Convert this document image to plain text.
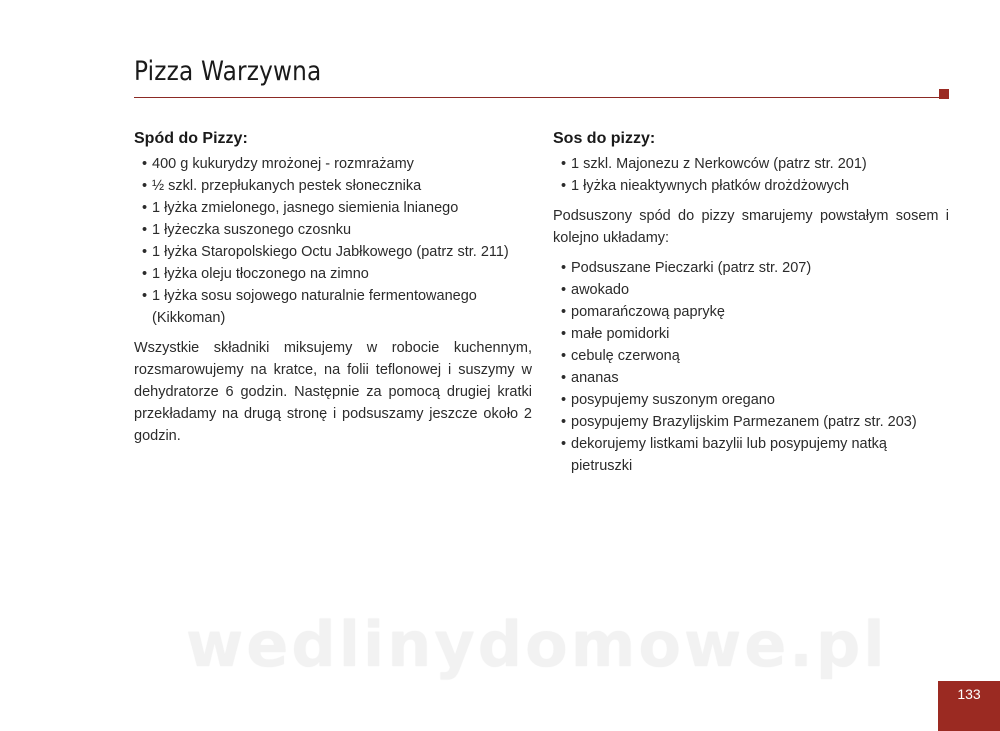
Pizza Warzywna
Spód do Pizzy:
• 400 g kukurydzy mrożonej - rozmrażamy
• ½ szkl. przepłukanych pestek słonecznika
• 1 łyżka zmielonego, jasnego siemienia lnianego
• 1 łyżeczka suszonego czosnku
• 1 łyżka Staropolskiego Octu Jabłkowego (patrz str. 211)
• 1 łyżka oleju tłoczonego na zimno
• 1 łyżka sosu sojowego naturalnie fermentowanego (Kikkoman)

Wszystkie składniki miksujemy w robocie kuchennym, rozsmarowujemy na kratce, na folii teflonowej i suszymy w dehydratorze 6 godzin. Następnie za pomocą drugiej kratki przekładamy na drugą stronę i podsuszamy jeszcze około 2 godzin.

Sos do pizzy:
• 1 szkl. Majonezu z Nerkowców (patrz str. 201)
• 1 łyżka nieaktywnych płatków drożdżowych

Podsuszony spód do pizzy smarujemy powstałym sosem i kolejno układamy:

• Podsuszane Pieczarki (patrz str. 207)
• awokado
• pomarańczową paprykę
• małe pomidorki
• cebulę czerwoną
• ananas
• posypujemy suszonym oregano
• posypujemy Brazylijskim Parmezanem (patrz str. 203)
• dekorujemy listkami bazylii lub posypujemy natką pietruszki
wedlinydomowe.pl
133
